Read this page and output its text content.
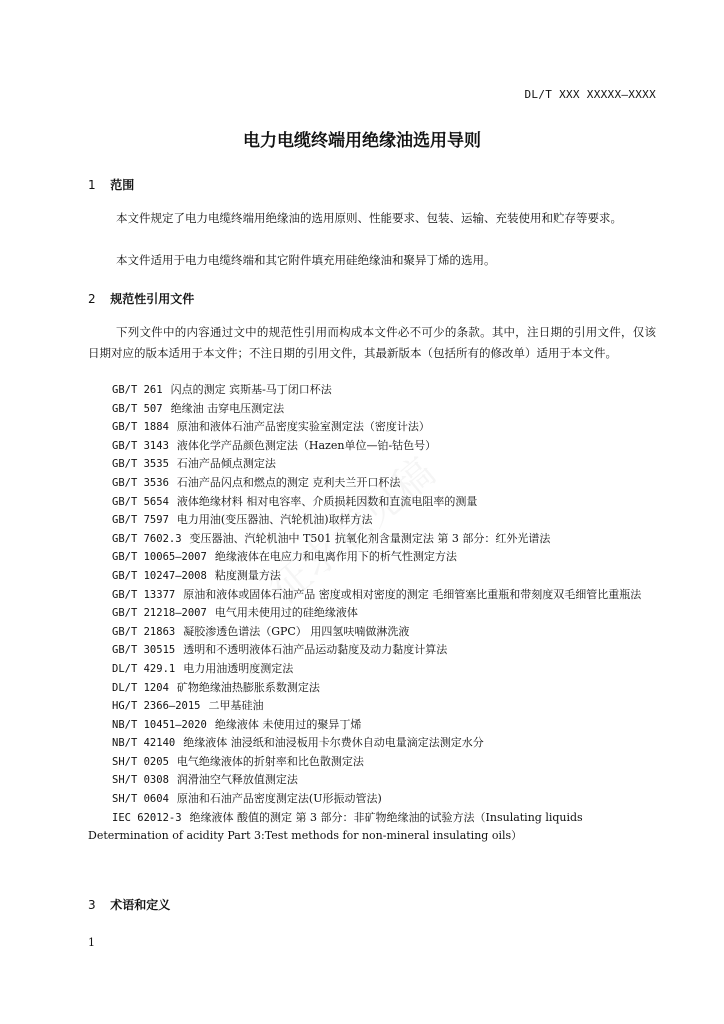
DL/T XXX XXXXX—XXXX
电力电缆终端用绝缘油选用导则
1 范围
本文件规定了电力电缆终端用绝缘油的选用原则、性能要求、包装、运输、充装使用和贮存等要求。
本文件适用于电力电缆终端和其它附件填充用硅绝缘油和聚异丁烯的选用。
2 规范性引用文件
下列文件中的内容通过文中的规范性引用而构成本文件必不可少的条款。其中，注日期的引用文件，仅该日期对应的版本适用于本文件；不注日期的引用文件，其最新版本（包括所有的修改单）适用于本文件。
GB/T 261 闪点的测定 宾斯基-马丁闭口杯法
GB/T 507 绝缘油 击穿电压测定法
GB/T 1884 原油和液体石油产品密度实验室测定法（密度计法）
GB/T 3143 液体化学产品颜色测定法（Hazen单位—铂-钴色号）
GB/T 3535 石油产品倾点测定法
GB/T 3536 石油产品闪点和燃点的测定 克利夫兰开口杯法
GB/T 5654 液体绝缘材料 相对电容率、介质损耗因数和直流电阻率的测量
GB/T 7597 电力用油(变压器油、汽轮机油)取样方法
GB/T 7602.3 变压器油、汽轮机油中 T501 抗氧化剂含量测定法 第 3 部分：红外光谱法
GB/T 10065—2007 绝缘液体在电应力和电离作用下的析气性测定方法
GB/T 10247—2008 粘度测量方法
GB/T 13377 原油和液体或固体石油产品 密度或相对密度的测定 毛细管塞比重瓶和带刻度双毛细管比重瓶法
GB/T 21218—2007 电气用未使用过的硅绝缘液体
GB/T 21863 凝胶渗透色谱法（GPC） 用四氢呋喃做淋洗液
GB/T 30515 透明和不透明液体石油产品运动黏度及动力黏度计算法
DL/T 429.1 电力用油透明度测定法
DL/T 1204 矿物绝缘油热膨胀系数测定法
HG/T 2366—2015 二甲基硅油
NB/T 10451—2020 绝缘液体 未使用过的聚异丁烯
NB/T 42140 绝缘液体 油浸纸和油浸板用卡尔费休自动电量滴定法测定水分
SH/T 0205 电气绝缘液体的折射率和比色散测定法
SH/T 0308 润滑油空气释放值测定法
SH/T 0604 原油和石油产品密度测定法(U形振动管法)
IEC 62012-3 绝缘液体 酸值的测定 第 3 部分：非矿物绝缘油的试验方法（Insulating liquids Determination of acidity Part 3:Test methods for non-mineral insulating oils）
3 术语和定义
1
